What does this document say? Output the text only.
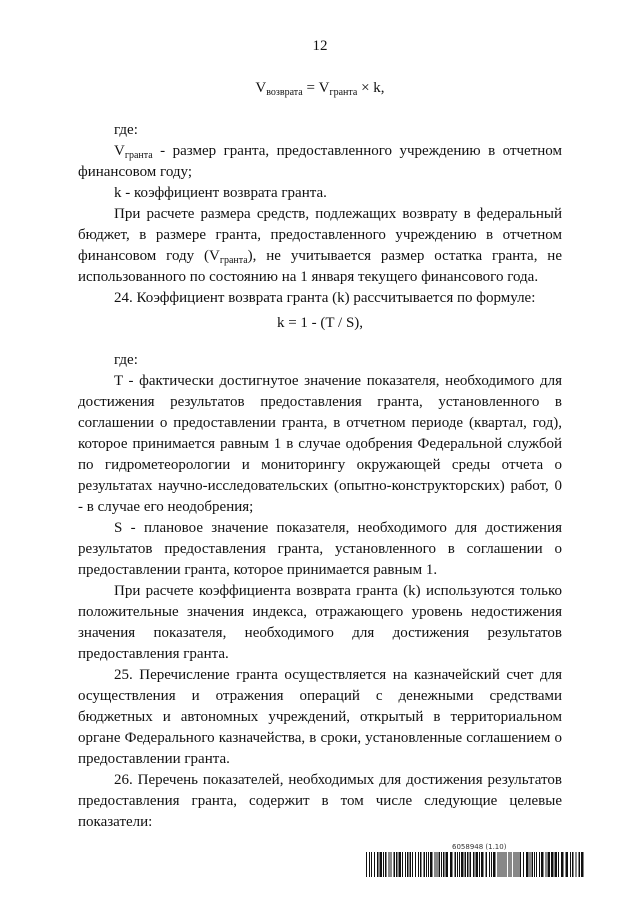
12
$V_{возврата} = V_{гранта} \times k$,

где:

$V_{гранта}$ - размер гранта, предоставленного учреждению в отчетном финансовом году;

k - коэффициент возврата гранта.

При расчете размера средств, подлежащих возврату в федеральный бюджет, в размере гранта, предоставленного учреждению в отчетном финансовом году $(V_{гранта})$, не учитывается размер остатка гранта, не использованного по состоянию на 1 января текущего финансового года.

24. Коэффициент возврата гранта (k) рассчитывается по формуле:

k = 1 - (T / S),

где:

T - фактически достигнутое значение показателя, необходимого для достижения результатов предоставления гранта, установленного в соглашении о предоставлении гранта, в отчетном периоде (квартал, год), которое принимается равным 1 в случае одобрения Федеральной службой по гидрометеорологии и мониторингу окружающей среды отчета о результатах научно-исследовательских (опытно-конструкторских) работ, 0 - в случае его неодобрения;

S - плановое значение показателя, необходимого для достижения результатов предоставления гранта, установленного в соглашении о предоставлении гранта, которое принимается равным 1.

При расчете коэффициента возврата гранта (k) используются только положительные значения индекса, отражающего уровень недостижения значения показателя, необходимого для достижения результатов предоставления гранта.

25. Перечисление гранта осуществляется на казначейский счет для осуществления и отражения операций с денежными средствами бюджетных и автономных учреждений, открытый в территориальном органе Федерального казначейства, в сроки, установленные соглашением о предоставлении гранта.

26. Перечень показателей, необходимых для достижения результатов предоставления гранта, содержит в том числе следующие целевые показатели:

6058948 (1.10)
